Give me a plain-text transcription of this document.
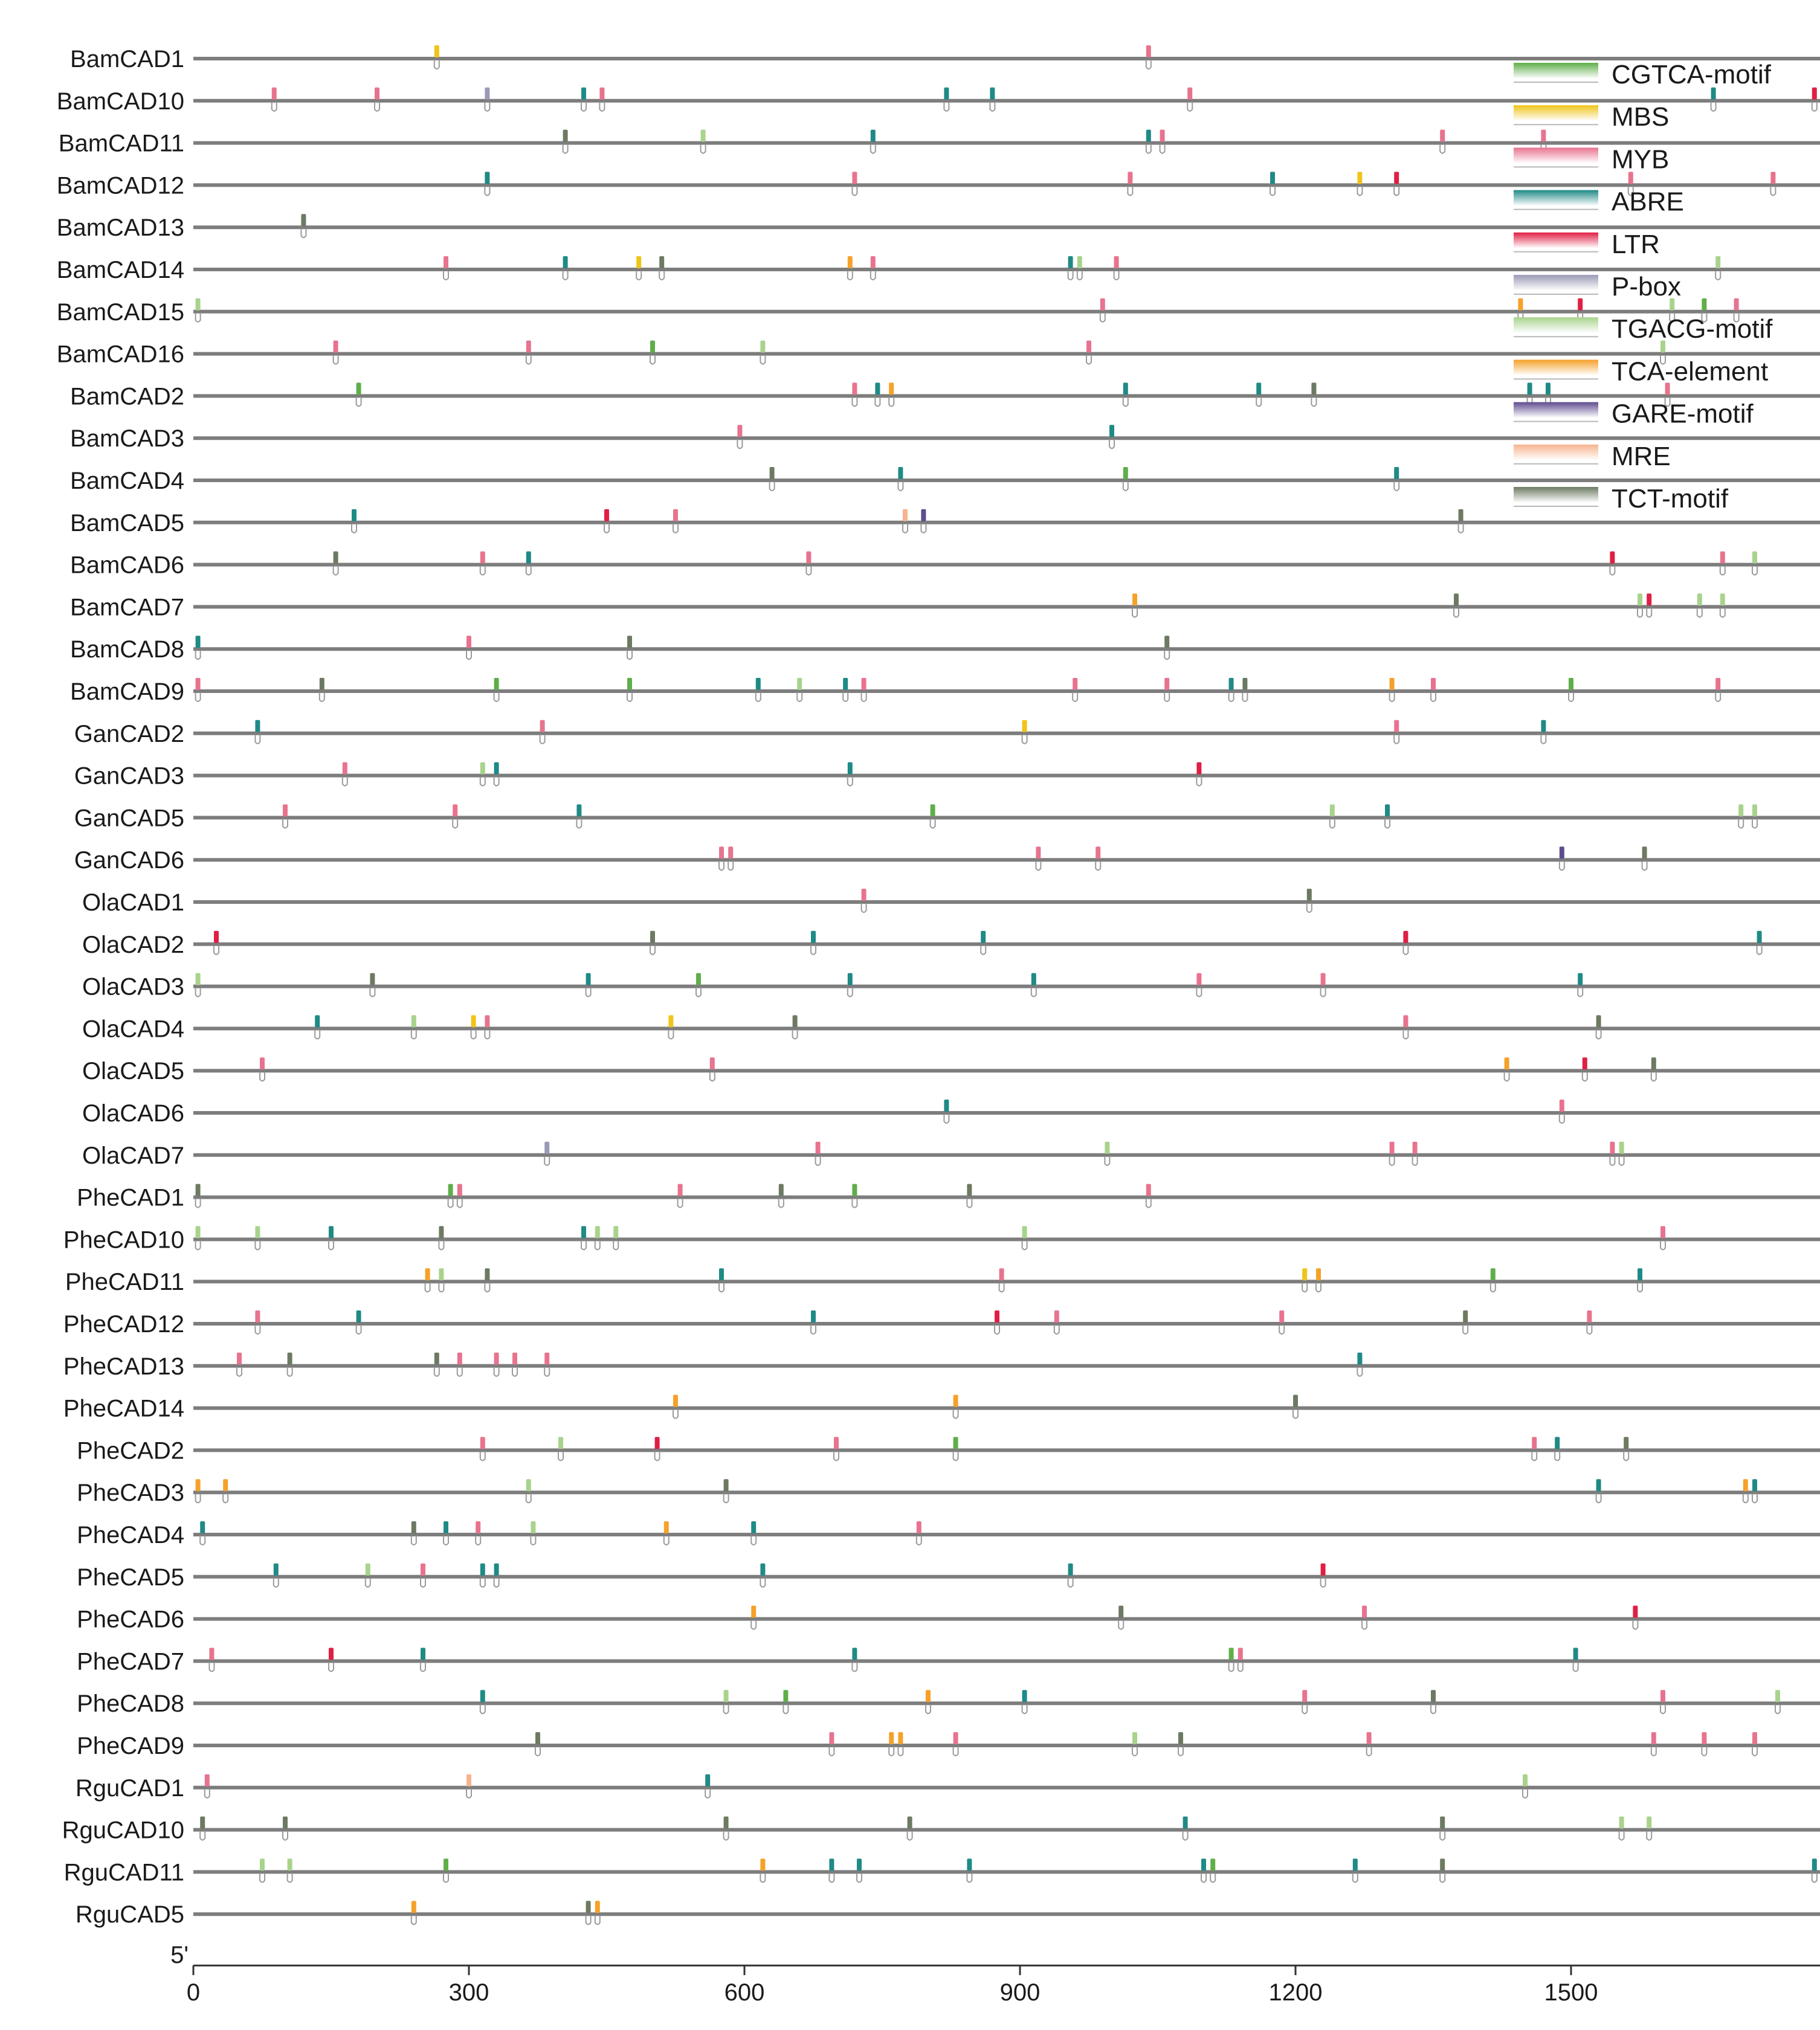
BamCAD1
BamCAD10
BamCAD11
BamCAD12
BamCAD13
BamCAD14
BamCAD15
BamCAD16
BamCAD2
BamCAD3
BamCAD4
BamCAD5
BamCAD6
BamCAD7
BamCAD8
BamCAD9
GanCAD2
GanCAD3
GanCAD5
GanCAD6
OlaCAD1
OlaCAD2
OlaCAD3
OlaCAD4
OlaCAD5
OlaCAD6
OlaCAD7
PheCAD1
PheCAD10
PheCAD11
PheCAD12
PheCAD13
PheCAD14
PheCAD2
PheCAD3
PheCAD4
PheCAD5
PheCAD6
PheCAD7
PheCAD8
PheCAD9
RguCAD1
RguCAD10
RguCAD11
RguCAD5
5'
0	300	600	900	1200	1500
CGTCA-motif
MBS
MYB
ABRE
LTR
P-box
TGACG-motif
TCA-element
GARE-motif
MRE
TCT-motif
